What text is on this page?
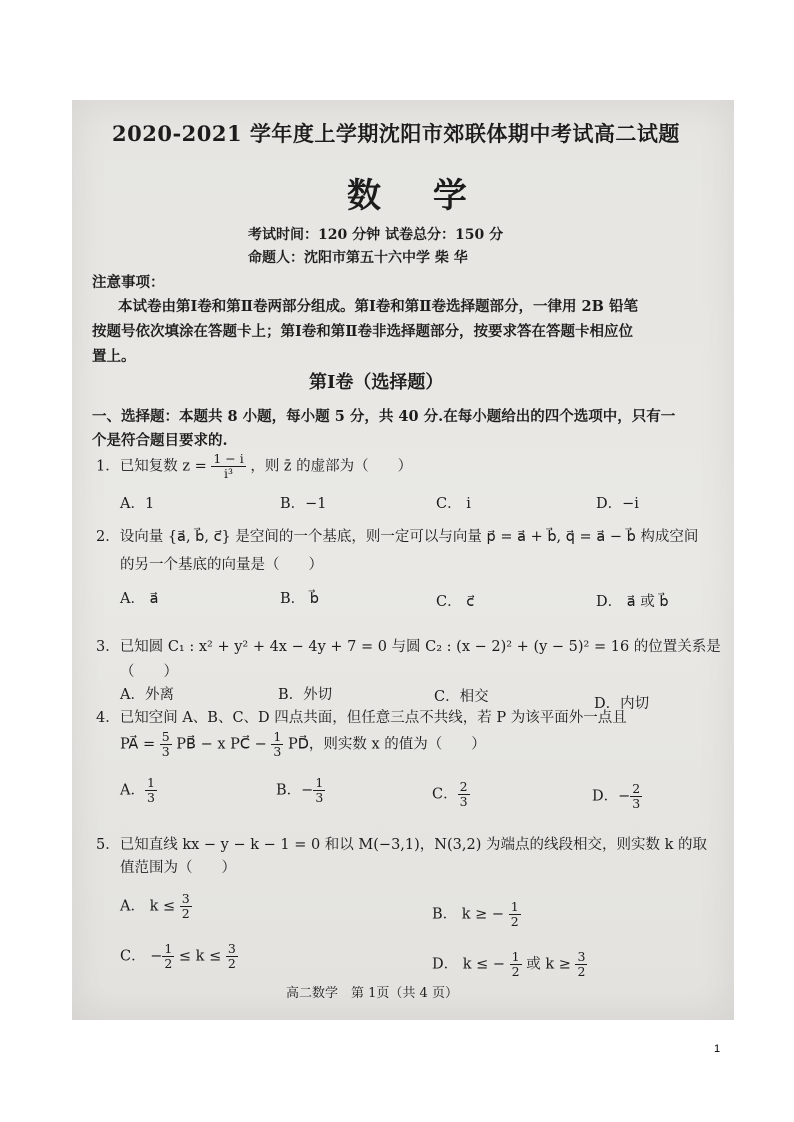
2020-2021 学年度上学期沈阳市郊联体期中考试高二试题
数 学
考试时间：120 分钟 试卷总分：150 分
命题人：沈阳市第五十六中学 柴 华
注意事项：
本试卷由第Ⅰ卷和第Ⅱ卷两部分组成。第Ⅰ卷和第Ⅱ卷选择题部分，一律用 2B 铅笔
按题号依次填涂在答题卡上；第Ⅰ卷和第Ⅱ卷非选择题部分，按要求答在答题卡相应位
置上。
第Ⅰ卷（选择题）
一、选择题：本题共 8 小题，每小题 5 分，共 40 分.在每小题给出的四个选项中，只有一
个是符合题目要求的.
1．已知复数 $z = \frac{1 - i}{\text{i³}}$ ，则 z̄ 的虚部为（　　）
A．1	B．−1	C． i	D．−i
2．设向量 {a⃗, b⃗, c⃗} 是空间的一个基底，则一定可以与向量 p⃗ = a⃗ + b⃗, q⃗ = a⃗ − b⃗ 构成空间
的另一个基底的向量是（　　）
A． a⃗	B． b⃗	C． c⃗	D． a⃗ 或 b⃗
3．已知圆 C₁ : x² + y² + 4x − 4y + 7 = 0 与圆 C₂ : (x − 2)² + (y − 5)² = 16 的位置关系是
（　　）
A．外离	B．外切	C．相交	D．内切
4．已知空间 A、B、C、D 四点共面，但任意三点不共线，若 P 为该平面外一点且
PA⃗ = $\frac{5}{3}$ PB⃗ − x PC⃗ − $\frac{1}{3}$ PD⃗，则实数 x 的值为（　　）
A． $\frac{1}{3}$	B．− $\frac{1}{3}$	C． $\frac{2}{3}$	D．− $\frac{2}{3}$
5．已知直线 kx − y − k − 1 = 0 和以 M(−3,1)，N(3,2) 为端点的线段相交，则实数 k 的取
值范围为（　　）
A． $k \le \frac{3}{2}$	B． k ≥ − $\frac{1}{2}$
C． − $\frac{1}{2} \le k \le \frac{3}{2}$	D． k ≤ − $\frac{1}{2}$ 或 $k \ge \frac{3}{2}$
高二数学　第 1页（共 4 页）
1
